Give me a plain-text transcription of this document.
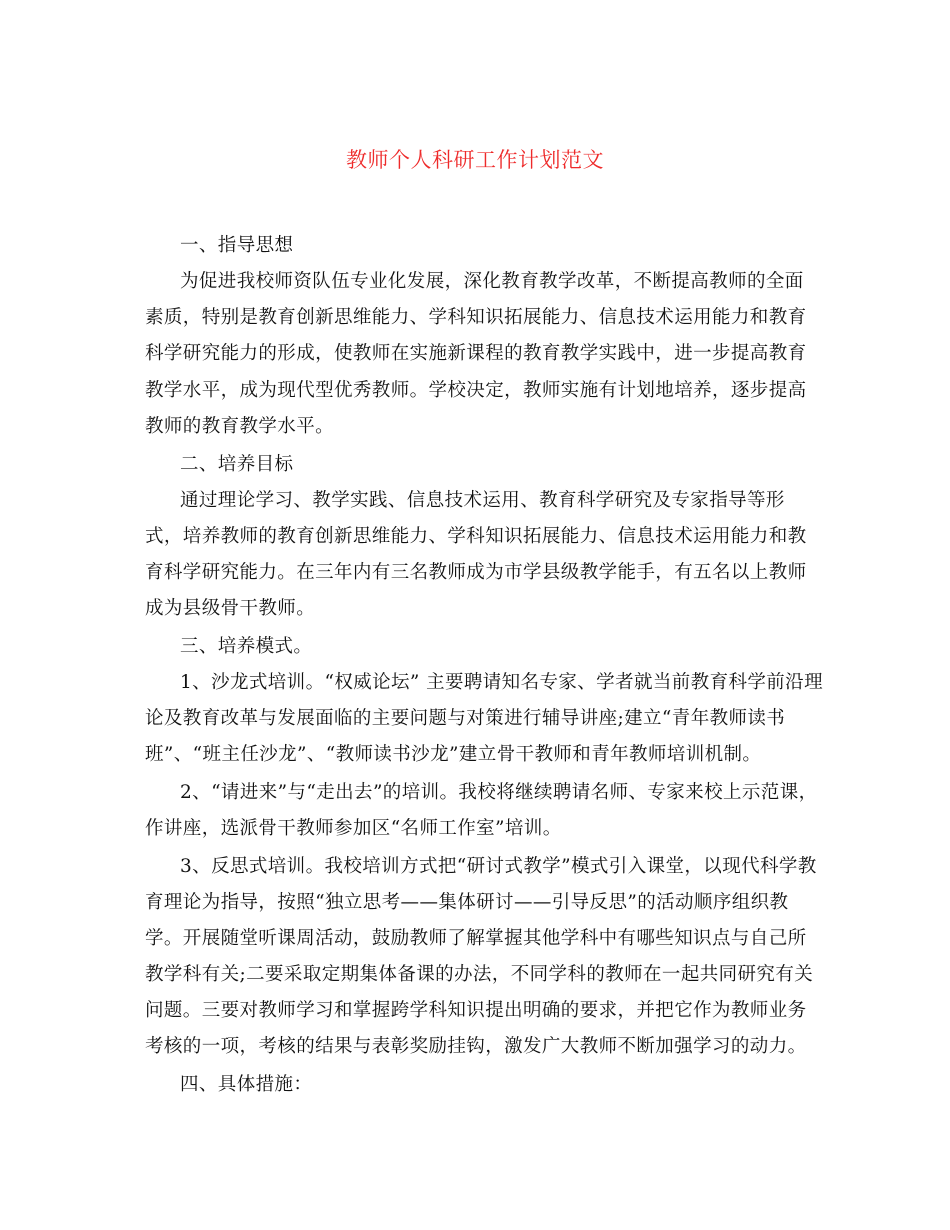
教师个人科研工作计划范文
一、指导思想
为促进我校师资队伍专业化发展，深化教育教学改革，不断提高教师的全面
素质，特别是教育创新思维能力、学科知识拓展能力、信息技术运用能力和教育
科学研究能力的形成，使教师在实施新课程的教育教学实践中，进一步提高教育
教学水平，成为现代型优秀教师。学校决定，教师实施有计划地培养，逐步提高
教师的教育教学水平。
二、培养目标
通过理论学习、教学实践、信息技术运用、教育科学研究及专家指导等形
式，培养教师的教育创新思维能力、学科知识拓展能力、信息技术运用能力和教
育科学研究能力。在三年内有三名教师成为市学县级教学能手，有五名以上教师
成为县级骨干教师。
三、培养模式。
1、沙龙式培训。“权威论坛” 主要聘请知名专家、学者就当前教育科学前沿理
论及教育改革与发展面临的主要问题与对策进行辅导讲座;建立“青年教师读书
班”、“班主任沙龙”、“教师读书沙龙”建立骨干教师和青年教师培训机制。
2、“请进来”与“走出去”的培训。我校将继续聘请名师、专家来校上示范课，
作讲座，选派骨干教师参加区“名师工作室”培训。
3、反思式培训。我校培训方式把“研讨式教学”模式引入课堂，以现代科学教
育理论为指导，按照“独立思考——集体研讨——引导反思”的活动顺序组织教
学。开展随堂听课周活动，鼓励教师了解掌握其他学科中有哪些知识点与自己所
教学科有关;二要采取定期集体备课的办法，不同学科的教师在一起共同研究有关
问题。三要对教师学习和掌握跨学科知识提出明确的要求，并把它作为教师业务
考核的一项，考核的结果与表彰奖励挂钩，激发广大教师不断加强学习的动力。
四、具体措施：
